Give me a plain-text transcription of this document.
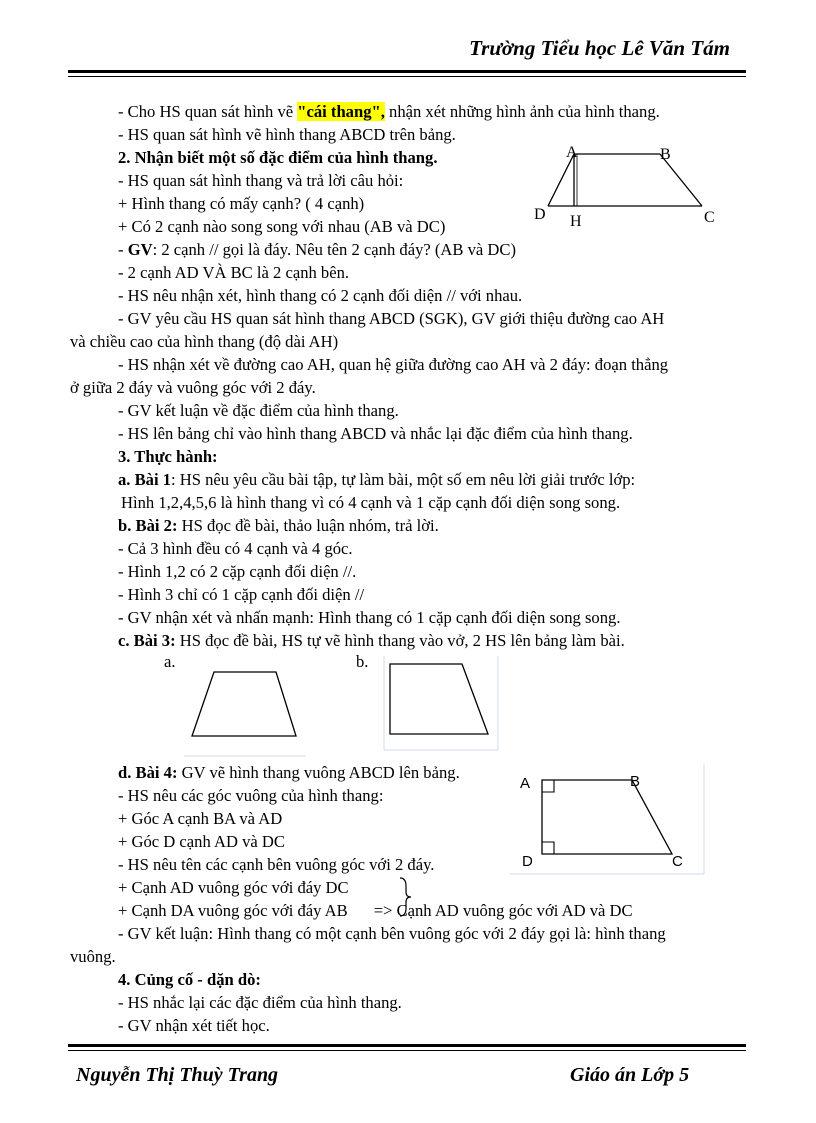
Trường Tiểu học Lê Văn Tám
- Cho HS quan sát hình vẽ "cái thang", nhận xét những hình ảnh của hình thang.
- HS quan sát hình vẽ hình thang ABCD trên bảng.
2. Nhận biết một số đặc điểm của hình thang.
- HS quan sát hình thang và trả lời câu hỏi:
+ Hình thang có mấy cạnh? ( 4 cạnh)
+ Có 2 cạnh nào song song với nhau (AB và DC)
- GV: 2 cạnh // gọi là đáy. Nêu tên 2 cạnh đáy? (AB và DC)
- 2 cạnh AD VÀ BC là 2 cạnh bên.
- HS nêu nhận xét, hình thang có 2 cạnh đối diện // với nhau.
- GV yêu cầu HS quan sát hình thang ABCD (SGK), GV giới thiệu đường cao AH
và chiều cao của hình thang (độ dài AH)
- HS nhận xét về đường cao AH, quan hệ giữa đường cao AH và 2 đáy: đoạn thẳng
ở giữa 2 đáy và vuông góc với 2 đáy.
- GV kết luận về đặc điểm của hình thang.
- HS lên bảng chỉ vào hình thang ABCD và nhắc lại đặc điểm của hình thang.
3. Thực hành:
a. Bài 1: HS nêu yêu cầu bài tập, tự làm bài, một số em nêu lời giải trước lớp:
Hình 1,2,4,5,6 là hình thang vì có 4 cạnh và 1 cặp cạnh đối diện song song.
b. Bài 2: HS đọc đề bài, thảo luận nhóm, trả lời.
- Cả 3 hình đều có 4 cạnh và 4 góc.
- Hình 1,2 có 2 cặp cạnh đối diện //.
- Hình 3 chỉ có 1 cặp cạnh đối diện //
- GV nhận xét và nhấn mạnh: Hình thang có 1 cặp cạnh đối diện song song.
c. Bài 3: HS đọc đề bài, HS tự vẽ hình thang vào vở, 2 HS lên bảng làm bài.
d. Bài 4: GV vẽ hình thang vuông ABCD lên bảng.
- HS nêu các góc vuông của hình thang:
+ Góc A cạnh BA và AD
+ Góc D cạnh AD và DC
- HS nêu tên các cạnh bên vuông góc với 2 đáy.
+ Cạnh AD vuông góc với đáy DC
+ Cạnh DA vuông góc với đáy AB => Cạnh AD vuông góc với AD và DC
- GV kết luận: Hình thang có một cạnh bên vuông góc với 2 đáy gọi là: hình thang
vuông.
4. Củng cố - dặn dò:
- HS nhắc lại các đặc điểm của hình thang.
- GV nhận xét tiết học.
A	B
C
D H
a.	b.
A	B
C
D
Nguyễn Thị Thuỳ Trang	Giáo án Lớp 5
